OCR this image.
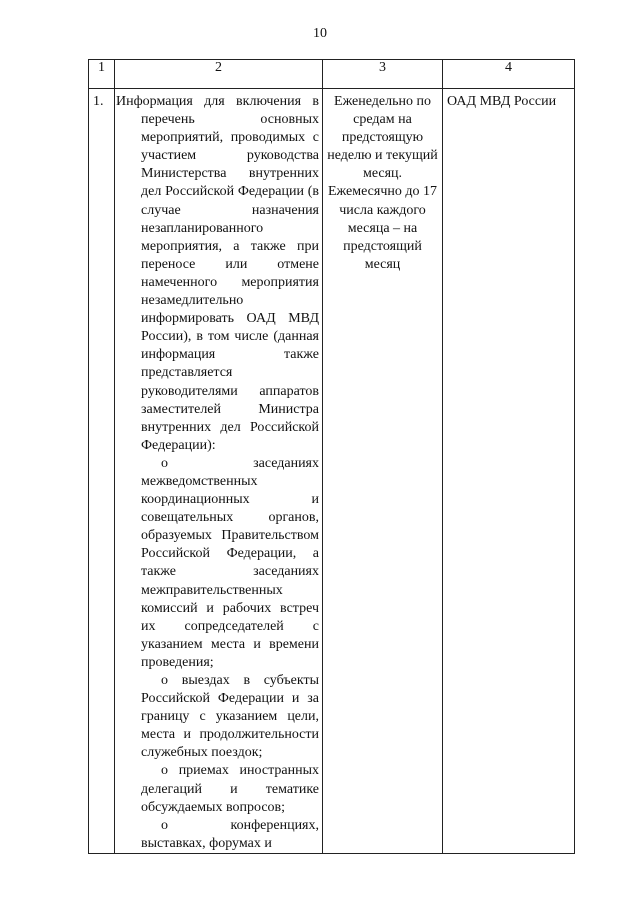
10
1	2	3	4

1.	Информация для включения в перечень основных мероприятий, проводимых с участием руководства Министерства внутренних дел Российской Федерации (в случае назначения незапланированного мероприятия, а также при переносе или отмене намеченного мероприятия незамедлительно информировать ОАД МВД России), в том числе (данная информация также представляется руководителями аппаратов заместителей Министра внутренних дел Российской Федерации):
о заседаниях межведомственных координационных и совещательных органов, образуемых Правительством Российской Федерации, а также заседаниях межправительственных комиссий и рабочих встреч их сопредседателей с указанием места и времени проведения;
о выездах в субъекты Российской Федерации и за границу с указанием цели, места и продолжительности служебных поездок;
о приемах иностранных делегаций и тематике обсуждаемых вопросов;
о конференциях, выставках, форумах и	Еженедельно по средам на предстоящую неделю и текущий месяц. Ежемесячно до 17 числа каждого месяца – на предстоящий месяц	ОАД МВД России
